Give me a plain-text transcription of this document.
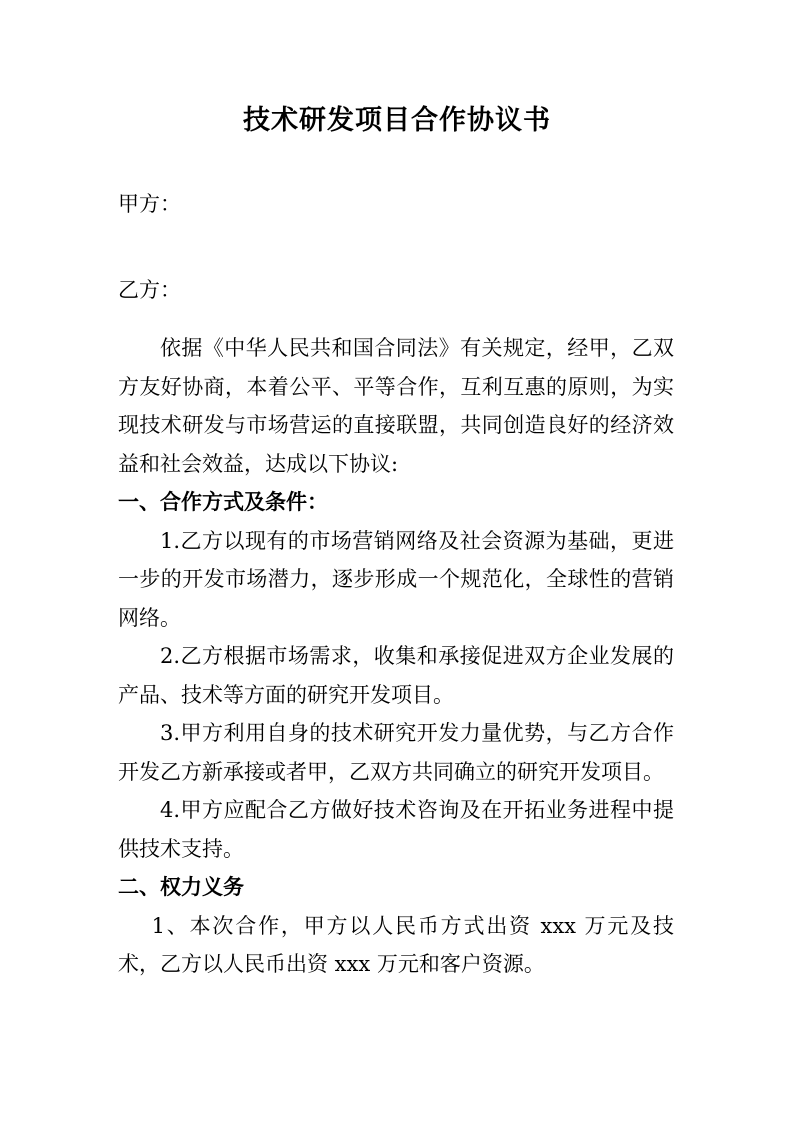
技术研发项目合作协议书
甲方：
乙方：

依据《中华人民共和国合同法》有关规定，经甲，乙双方友好协商，本着公平、平等合作，互利互惠的原则，为实现技术研发与市场营运的直接联盟，共同创造良好的经济效益和社会效益，达成以下协议:

一、合作方式及条件：

1.乙方以现有的市场营销网络及社会资源为基础，更进一步的开发市场潜力，逐步形成一个规范化，全球性的营销网络。

2.乙方根据市场需求，收集和承接促进双方企业发展的产品、技术等方面的研究开发项目。

3.甲方利用自身的技术研究开发力量优势，与乙方合作开发乙方新承接或者甲，乙双方共同确立的研究开发项目。

4.甲方应配合乙方做好技术咨询及在开拓业务进程中提供技术支持。

二、权力义务

1、本次合作，甲方以人民币方式出资 xxx 万元及技术，乙方以人民币出资 xxx 万元和客户资源。
